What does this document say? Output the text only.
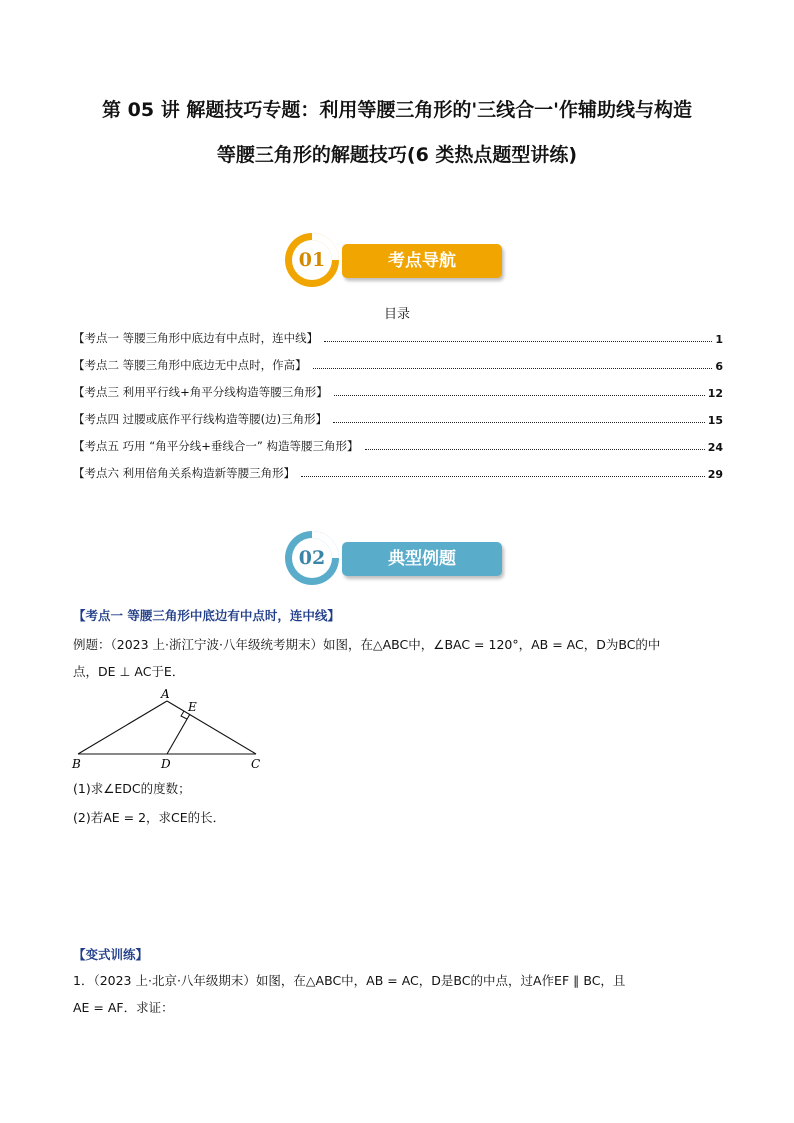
第 05 讲 解题技巧专题：利用等腰三角形的'三线合一'作辅助线与构造
等腰三角形的解题技巧(6 类热点题型讲练)
01	考点导航
目录
【考点一 等腰三角形中底边有中点时，连中线】	1
【考点二 等腰三角形中底边无中点时，作高】	6
【考点三 利用平行线+角平分线构造等腰三角形】	12
【考点四 过腰或底作平行线构造等腰(边)三角形】	15
【考点五 巧用 “角平分线+垂线合一” 构造等腰三角形】	24
【考点六 利用倍角关系构造新等腰三角形】	29
02	典型例题
【考点一 等腰三角形中底边有中点时，连中线】
例题：（2023 上·浙江宁波·八年级统考期末）如图，在△ABC中，∠BAC = 120°，AB = AC，D为BC的中
点，DE ⊥ AC于E．
A
E
B	D	C
(1)求∠EDC的度数；
(2)若AE = 2，求CE的长．
【变式训练】
1．（2023 上·北京·八年级期末）如图，在△ABC中，AB = AC，D是BC的中点，过A作EF ∥ BC，且
AE = AF．求证：
